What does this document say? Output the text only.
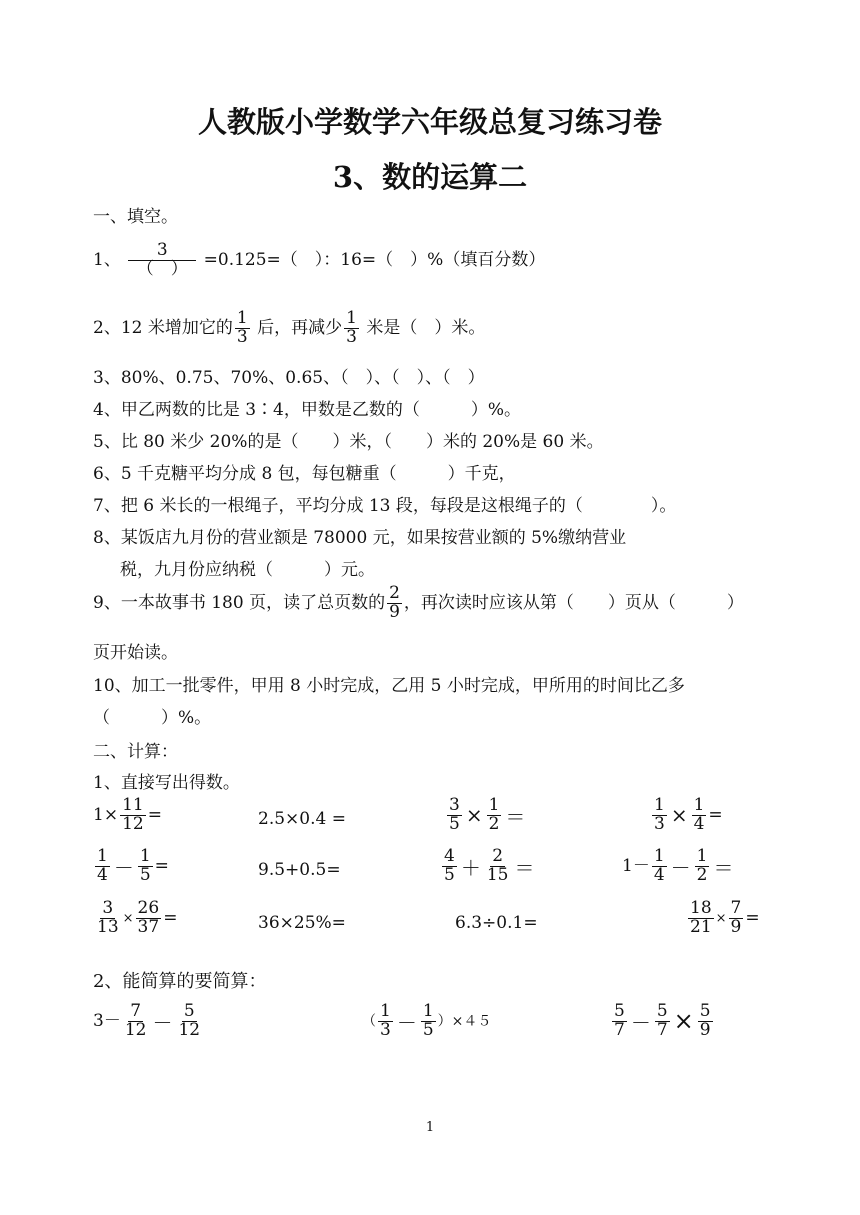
人教版小学数学六年级总复习练习卷
3、数的运算二
一、填空。
1、 $\frac{3}{( )} =0.125=$（　）：16=（　）%（填百分数）
2、12 米增加它的 $\frac{1}{3}$ 后，再减少 $\frac{1}{3}$ 米是（　）米。
3、80%、0.75、70%、0.65、（　）、（　）、（　）
4、甲乙两数的比是 3∶4，甲数是乙数的（　　　）%。
5、比 80 米少 20%的是（　　）米，（　　）米的 20%是 60 米。
6、5 千克糖平均分成 8 包，每包糖重（　　　）千克，
7、把 6 米长的一根绳子，平均分成 13 段，每段是这根绳子的（　　　　）。
8、某饭店九月份的营业额是 78000 元，如果按营业额的 5%缴纳营业
税，九月份应纳税（　　　）元。
9、一本故事书 180 页，读了总页数的 $\frac{2}{9}$ ，再次读时应该从第（　　）页从（　　　）
页开始读。
10、加工一批零件，甲用 8 小时完成，乙用 5 小时完成，甲所用的时间比乙多
（　　　）%。
二、计算：
1、直接写出得数。
$1\times \frac{11}{12}$ =	2.5×0.4 =	$\frac{3}{5} \times \frac{1}{2}$ ＝	$\frac{1}{3} \times \frac{1}{4}$ =
$\frac{1}{4} - \frac{1}{5}$ =	9.5+0.5=	$\frac{4}{5} + \frac{2}{15}$ ＝	$1- \frac{1}{4} - \frac{1}{2}$ ＝
$\frac{3}{13} \times \frac{26}{37}$ =	36×25%=	6.3÷0.1=	$\frac{18}{21} \times \frac{7}{9}$ =
2、能简算的要简算：
$3- \frac{7}{12} - \frac{5}{12}$	（ $\frac{1}{3} - \frac{1}{5} )\times 45$	$\frac{5}{7} - \frac{5}{7} \times \frac{5}{9}$
1
